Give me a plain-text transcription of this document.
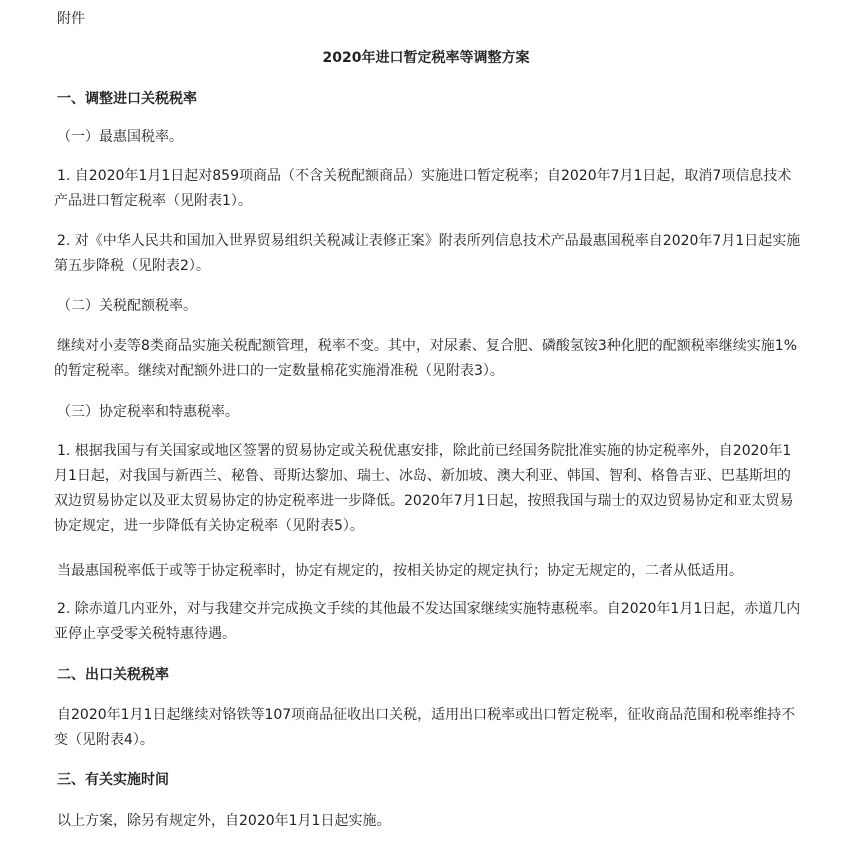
附件
2020年进口暂定税率等调整方案
一、调整进口关税税率
（一）最惠国税率。
1. 自2020年1月1日起对859项商品（不含关税配额商品）实施进口暂定税率；自2020年7月1日起，取消7项信息技术产品进口暂定税率（见附表1）。
2. 对《中华人民共和国加入世界贸易组织关税减让表修正案》附表所列信息技术产品最惠国税率自2020年7月1日起实施第五步降税（见附表2）。
（二）关税配额税率。
继续对小麦等8类商品实施关税配额管理，税率不变。其中，对尿素、复合肥、磷酸氢铵3种化肥的配额税率继续实施1%的暂定税率。继续对配额外进口的一定数量棉花实施滑准税（见附表3）。
（三）协定税率和特惠税率。
1. 根据我国与有关国家或地区签署的贸易协定或关税优惠安排，除此前已经国务院批准实施的协定税率外，自2020年1月1日起，对我国与新西兰、秘鲁、哥斯达黎加、瑞士、冰岛、新加坡、澳大利亚、韩国、智利、格鲁吉亚、巴基斯坦的双边贸易协定以及亚太贸易协定的协定税率进一步降低。2020年7月1日起，按照我国与瑞士的双边贸易协定和亚太贸易协定规定，进一步降低有关协定税率（见附表5）。
当最惠国税率低于或等于协定税率时，协定有规定的，按相关协定的规定执行；协定无规定的，二者从低适用。
2. 除赤道几内亚外，对与我建交并完成换文手续的其他最不发达国家继续实施特惠税率。自2020年1月1日起，赤道几内亚停止享受零关税特惠待遇。
二、出口关税税率
自2020年1月1日起继续对铬铁等107项商品征收出口关税，适用出口税率或出口暂定税率，征收商品范围和税率维持不变（见附表4）。
三、有关实施时间
以上方案，除另有规定外，自2020年1月1日起实施。
